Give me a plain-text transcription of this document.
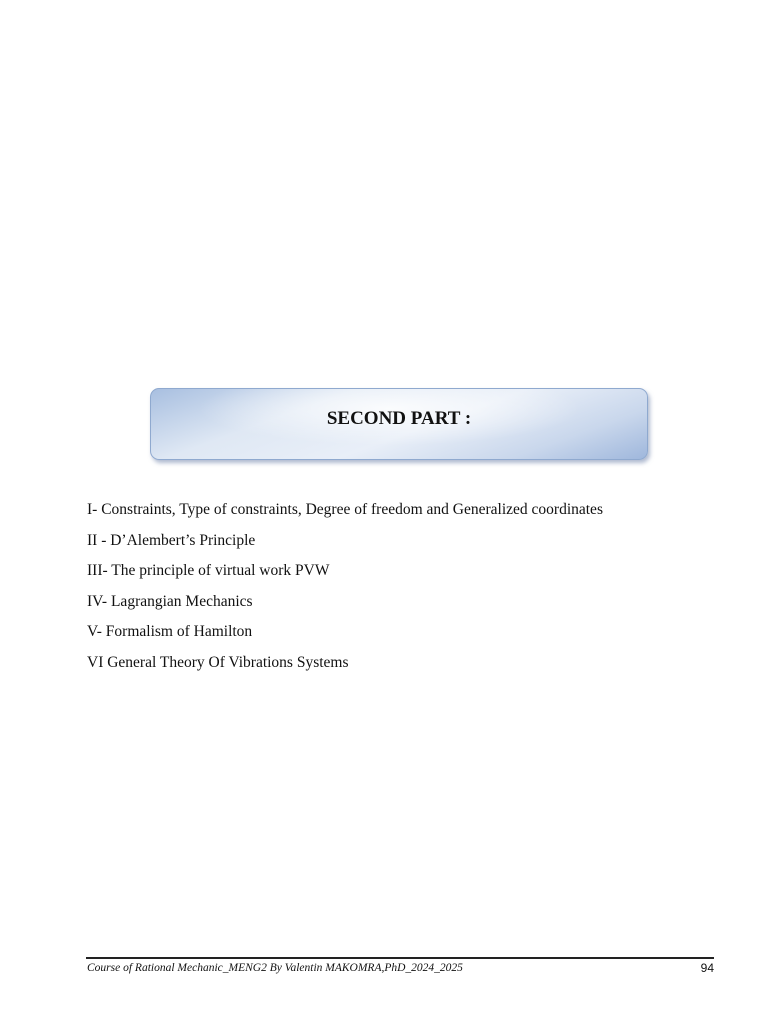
SECOND PART :
I- Constraints, Type of constraints, Degree of freedom and Generalized coordinates
II - D’Alembert’s Principle
III- The principle of virtual work PVW
IV- Lagrangian Mechanics
V- Formalism of Hamilton
VI General Theory Of Vibrations Systems
Course of Rational Mechanic_MENG2 By Valentin MAKOMRA,PhD_2024_2025	94
